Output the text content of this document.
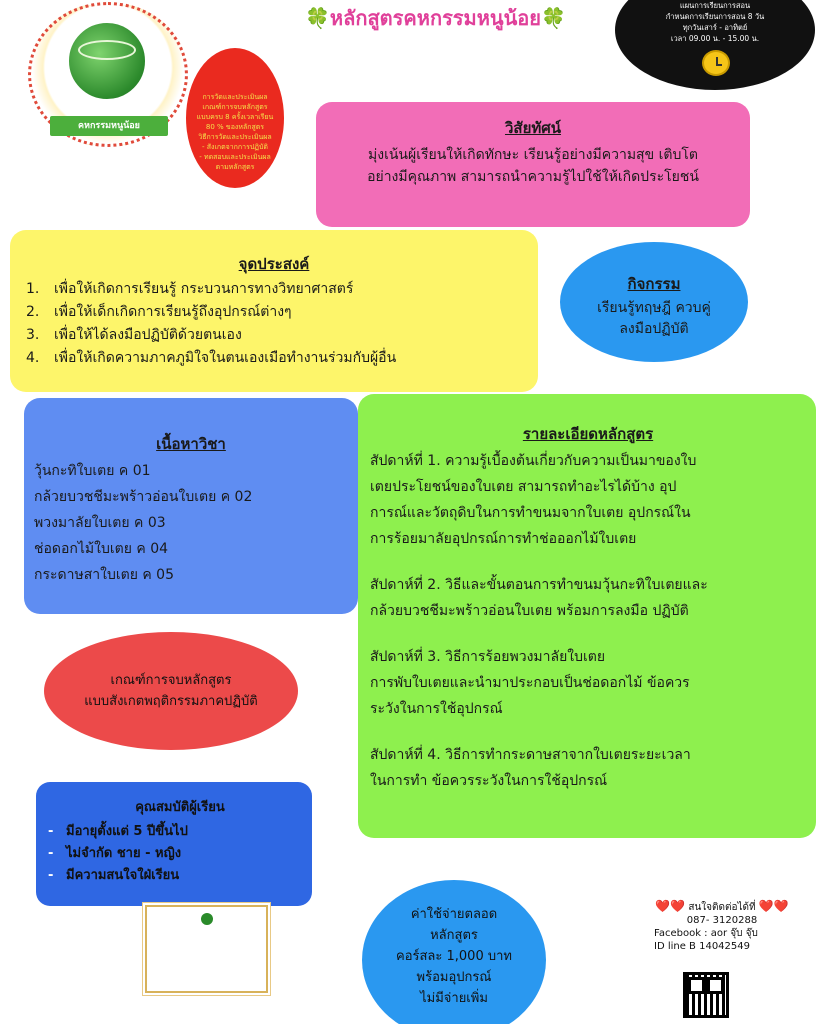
🍀หลักสูตรคหกรรมหนูน้อย🍀
แผนการเรียนการสอน
กำหนดการเรียนการสอน 8 วัน
ทุกวันเสาร์ - อาทิตย์
เวลา 09.00 น. - 15.00 น.
คหกรรมหนูน้อย
การวัดและประเมินผล
เกณฑ์การจบหลักสูตร
แบบครบ 8 ครั้งเวลาเรียน
80 % ของหลักสูตร
วิธีการวัดและประเมินผล
- สังเกตจากการปฏิบัติ
- ทดสอบและประเมินผล
ตามหลักสูตร
วิสัยทัศน์

มุ่งเน้นผู้เรียนให้เกิดทักษะ เรียนรู้อย่างมีความสุข เติบโตอย่างมีคุณภาพ สามารถนำความรู้ไปใช้ให้เกิดประโยชน์

จุดประสงค์
1. เพื่อให้เกิดการเรียนรู้ กระบวนการทางวิทยาศาสตร์
2. เพื่อให้เด็กเกิดการเรียนรู้ถึงอุปกรณ์ต่างๆ
3. เพื่อให้ได้ลงมือปฏิบัติด้วยตนเอง
4. เพื่อให้เกิดความภาคภูมิใจในตนเองเมือทำงานร่วมกับผู้อื่น
กิจกรรม

เรียนรู้ทฤษฎี ควบคู่

ลงมือปฏิบัติ

เนื้อหาวิชา
วุ้นกะทิใบเตย ค 01
กล้วยบวชชีมะพร้าวอ่อนใบเตย ค 02
พวงมาลัยใบเตย ค 03
ช่อดอกไม้ใบเตย ค 04
กระดาษสาใบเตย ค 05
รายละเอียดหลักสูตร
สัปดาห์ที่ 1. ความรู้เบื้องต้นเกี่ยวกับความเป็นมาของใบ
เตยประโยชน์ของใบเตย สามารถทำอะไรได้บ้าง อุป
การณ์และวัตถุดิบในการทำขนมจากใบเตย อุปกรณ์ใน
การร้อยมาลัยอุปกรณ์การทำช่อออกไม้ใบเตย
สัปดาห์ที่ 2. วิธีและขั้นตอนการทำขนมวุ้นกะทิใบเตยและ
กล้วยบวชชีมะพร้าวอ่อนใบเตย พร้อมการลงมือ ปฏิบัติ
สัปดาห์ที่ 3. วิธีการร้อยพวงมาลัยใบเตย
การพับใบเตยและนำมาประกอบเป็นช่อดอกไม้ ข้อควร
ระวังในการใช้อุปกรณ์
สัปดาห์ที่ 4. วิธีการทำกระดาษสาจากใบเตยระยะเวลา
ในการทำ ข้อควรระวังในการใช้อุปกรณ์
เกณฑ์การจบหลักสูตร
แบบสังเกตพฤติกรรมภาคปฏิบัติ
คุณสมบัติผู้เรียน
- มีอายุตั้งแต่ 5 ปีขึ้นไป
- ไม่จำกัด ชาย - หญิง
- มีความสนใจใฝ่เรียน

ค่าใช้จ่ายตลอด
หลักสูตร
คอร์สละ 1,000 บาท
พร้อมอุปกรณ์
ไม่มีจ่ายเพิ่ม
❤️❤️ สนใจติดต่อได้ที่ ❤️❤️
087- 3120288
Facebook : aor จุ๊บ จุ๊บ
ID line B 14042549
